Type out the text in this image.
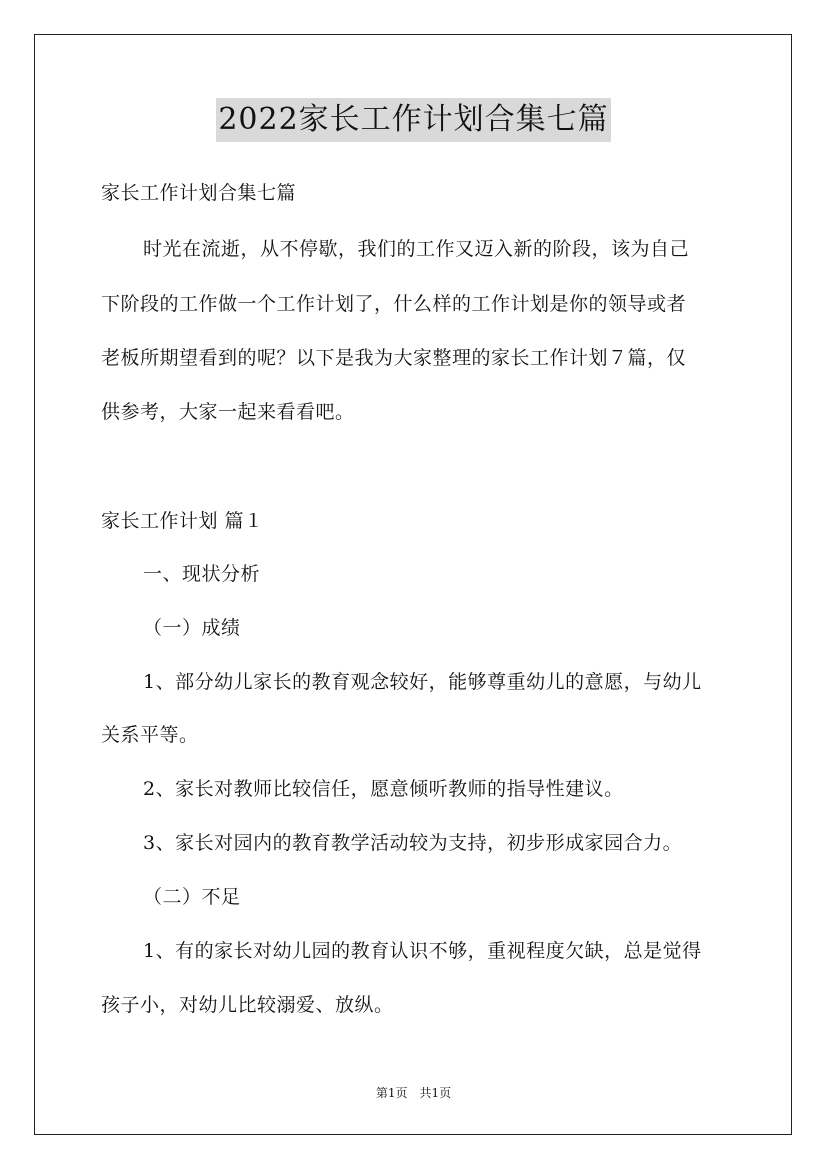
2022家长工作计划合集七篇
家长工作计划合集七篇
时光在流逝，从不停歇，我们的工作又迈入新的阶段，该为自己
下阶段的工作做一个工作计划了，什么样的工作计划是你的领导或者
老板所期望看到的呢？以下是我为大家整理的家长工作计划７篇，仅
供参考，大家一起来看看吧。
家长工作计划 篇１
一、现状分析
（一）成绩
1、部分幼儿家长的教育观念较好，能够尊重幼儿的意愿，与幼儿
关系平等。
2、家长对教师比较信任，愿意倾听教师的指导性建议。
3、家长对园内的教育教学活动较为支持，初步形成家园合力。
（二）不足
1、有的家长对幼儿园的教育认识不够，重视程度欠缺，总是觉得
孩子小，对幼儿比较溺爱、放纵。
第1页　共1页
